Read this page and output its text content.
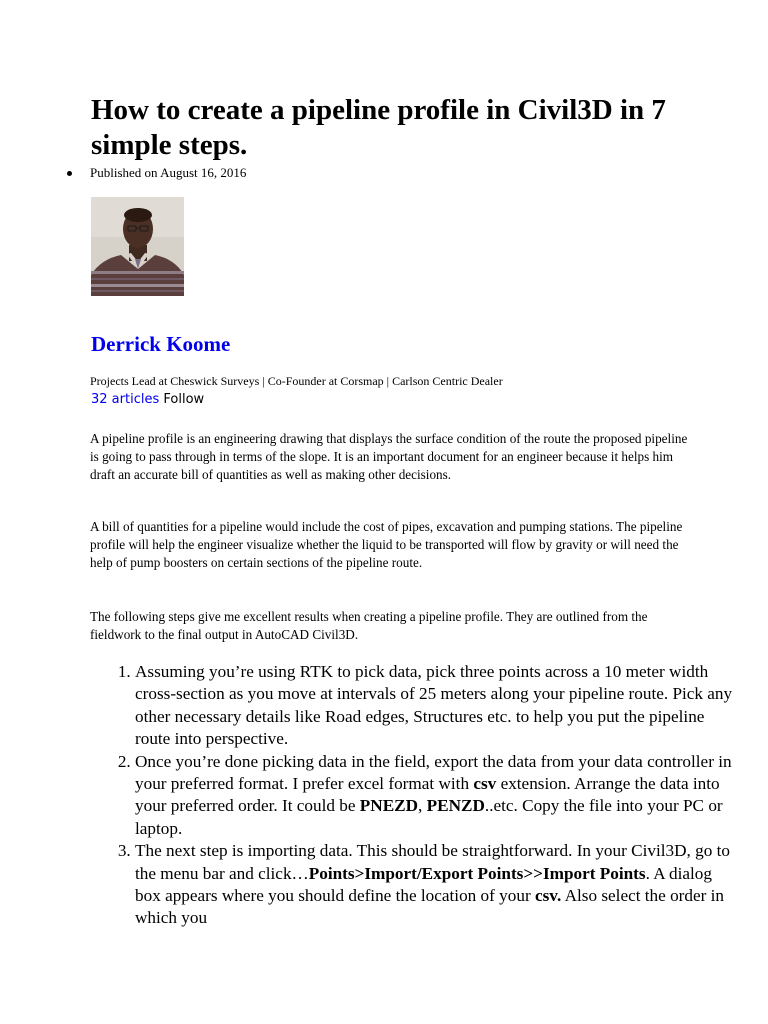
How to create a pipeline profile in Civil3D in 7 simple steps.
Published on August 16, 2016
Derrick Koome
Projects Lead at Cheswick Surveys | Co-Founder at Corsmap | Carlson Centric Dealer
32 articles Follow

A pipeline profile is an engineering drawing that displays the surface condition of the route the proposed pipeline is going to pass through in terms of the slope. It is an important document for an engineer because it helps him draft an accurate bill of quantities as well as making other decisions.

A bill of quantities for a pipeline would include the cost of pipes, excavation and pumping stations. The pipeline profile will help the engineer visualize whether the liquid to be transported will flow by gravity or will need the help of pump boosters on certain sections of the pipeline route.

The following steps give me excellent results when creating a pipeline profile. They are outlined from the fieldwork to the final output in AutoCAD Civil3D.

1. Assuming you’re using RTK to pick data, pick three points across a 10 meter width cross-section as you move at intervals of 25 meters along your pipeline route. Pick any other necessary details like Road edges, Structures etc. to help you put the pipeline route into perspective.
2. Once you’re done picking data in the field, export the data from your data controller in your preferred format. I prefer excel format with csv extension. Arrange the data into your preferred order. It could be PNEZD, PENZD..etc. Copy the file into your PC or laptop.
3. The next step is importing data. This should be straightforward. In your Civil3D, go to the menu bar and click…Points>Import/Export Points>>Import Points. A dialog box appears where you should define the location of your csv. Also select the order in which you
